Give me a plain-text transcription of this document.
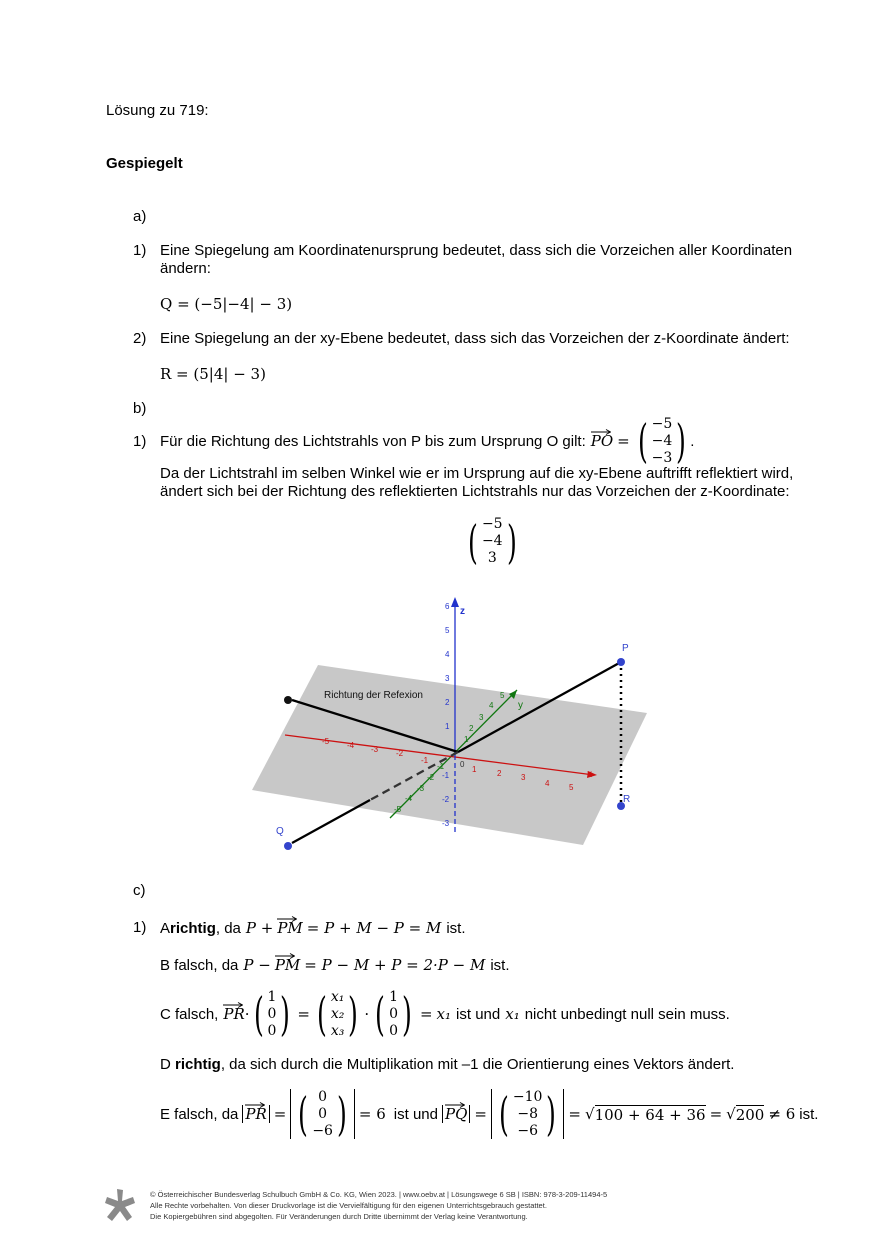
Lösung zu 719:
Gespiegelt
a)
1) Eine Spiegelung am Koordinatenursprung bedeutet, dass sich die Vorzeichen aller Koordinaten
ändern:
Q = (−5|−4| − 3)
2) Eine Spiegelung an der xy-Ebene bedeutet, dass sich das Vorzeichen der z-Koordinate ändert:
R = (5|4| − 3)
b)
1) Für die Richtung des Lichtstrahls von P bis zum Ursprung O gilt: PO = ( −5
−4
−3 ) .
Da der Lichtstrahl im selben Winkel wie er im Ursprung auf die xy-Ebene auftrifft reflektiert wird,
ändert sich bei der Richtung des reflektierten Lichtstrahls nur das Vorzeichen der z-Koordinate:
( −5
−4
3 )
6
5
4
3
2
1
-1
-2
-3
z
-5 -4 -3 -2
-1
1	2 3
4 5
x
1
2
3
4
5
-1
-2
-3
-4
-5
y
0
P
R
Q
Richtung der Refexion
c)
1) A richtig , da P + PM = P + M − P = M ist.
B falsch, da P − PM = P − M + P = 2·P − M ist.
C falsch, PR · ( 1
0
0 ) = ( x₁
x₂
x₃ ) · ( 1
0
0 ) = x₁ ist und x₁ nicht unbedingt null sein muss.
D richtig, da sich durch die Multiplikation mit –1 die Orientierung eines Vektors ändert.
E falsch, da PR = ( 0
0
−6 ) = 6 ist und PQ = ( −10
−8
−6 ) = √ 100 + 64 + 36 = √ 200 ≠ 6 ist.
© Österreichischer Bundesverlag Schulbuch GmbH & Co. KG, Wien 2023. | www.oebv.at | Lösungswege 6 SB | ISBN: 978-3-209-11494-5
Alle Rechte vorbehalten. Von dieser Druckvorlage ist die Vervielfältigung für den eigenen Unterrichtsgebrauch gestattet.
Die Kopiergebühren sind abgegolten. Für Veränderungen durch Dritte übernimmt der Verlag keine Verantwortung.
